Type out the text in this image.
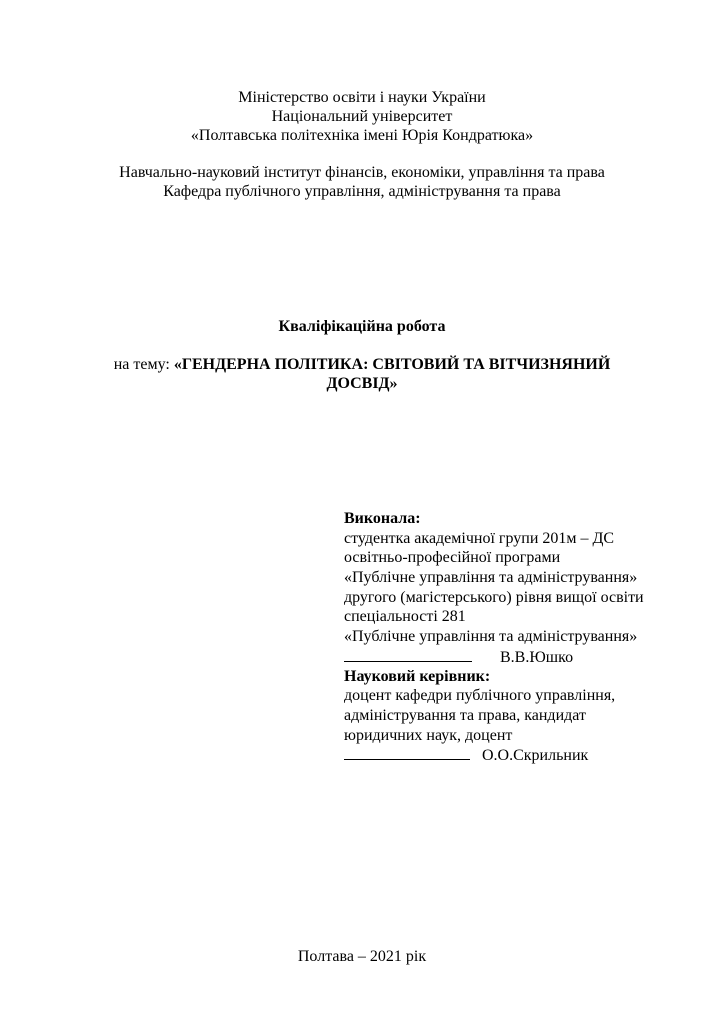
Міністерство освіти і науки України
Національний університет
«Полтавська політехніка імені Юрія Кондратюка»
Навчально-науковий інститут фінансів, економіки, управління та права
Кафедра публічного управління, адміністрування та права
Кваліфікаційна робота
на тему: «ГЕНДЕРНА ПОЛІТИКА: СВІТОВИЙ ТА ВІТЧИЗНЯНИЙ
ДОСВІД»
Виконала:
студентка академічної групи 201м – ДС
освітньо-професійної програми
«Публічне управління та адміністрування»
другого (магістерського) рівня вищої освіти
спеціальності 281
«Публічне управління та адміністрування»
В.В.Юшко
Науковий керівник:
доцент кафедри публічного управління,
адміністрування та права, кандидат
юридичних наук, доцент
О.О.Скрильник
Полтава – 2021 рік
